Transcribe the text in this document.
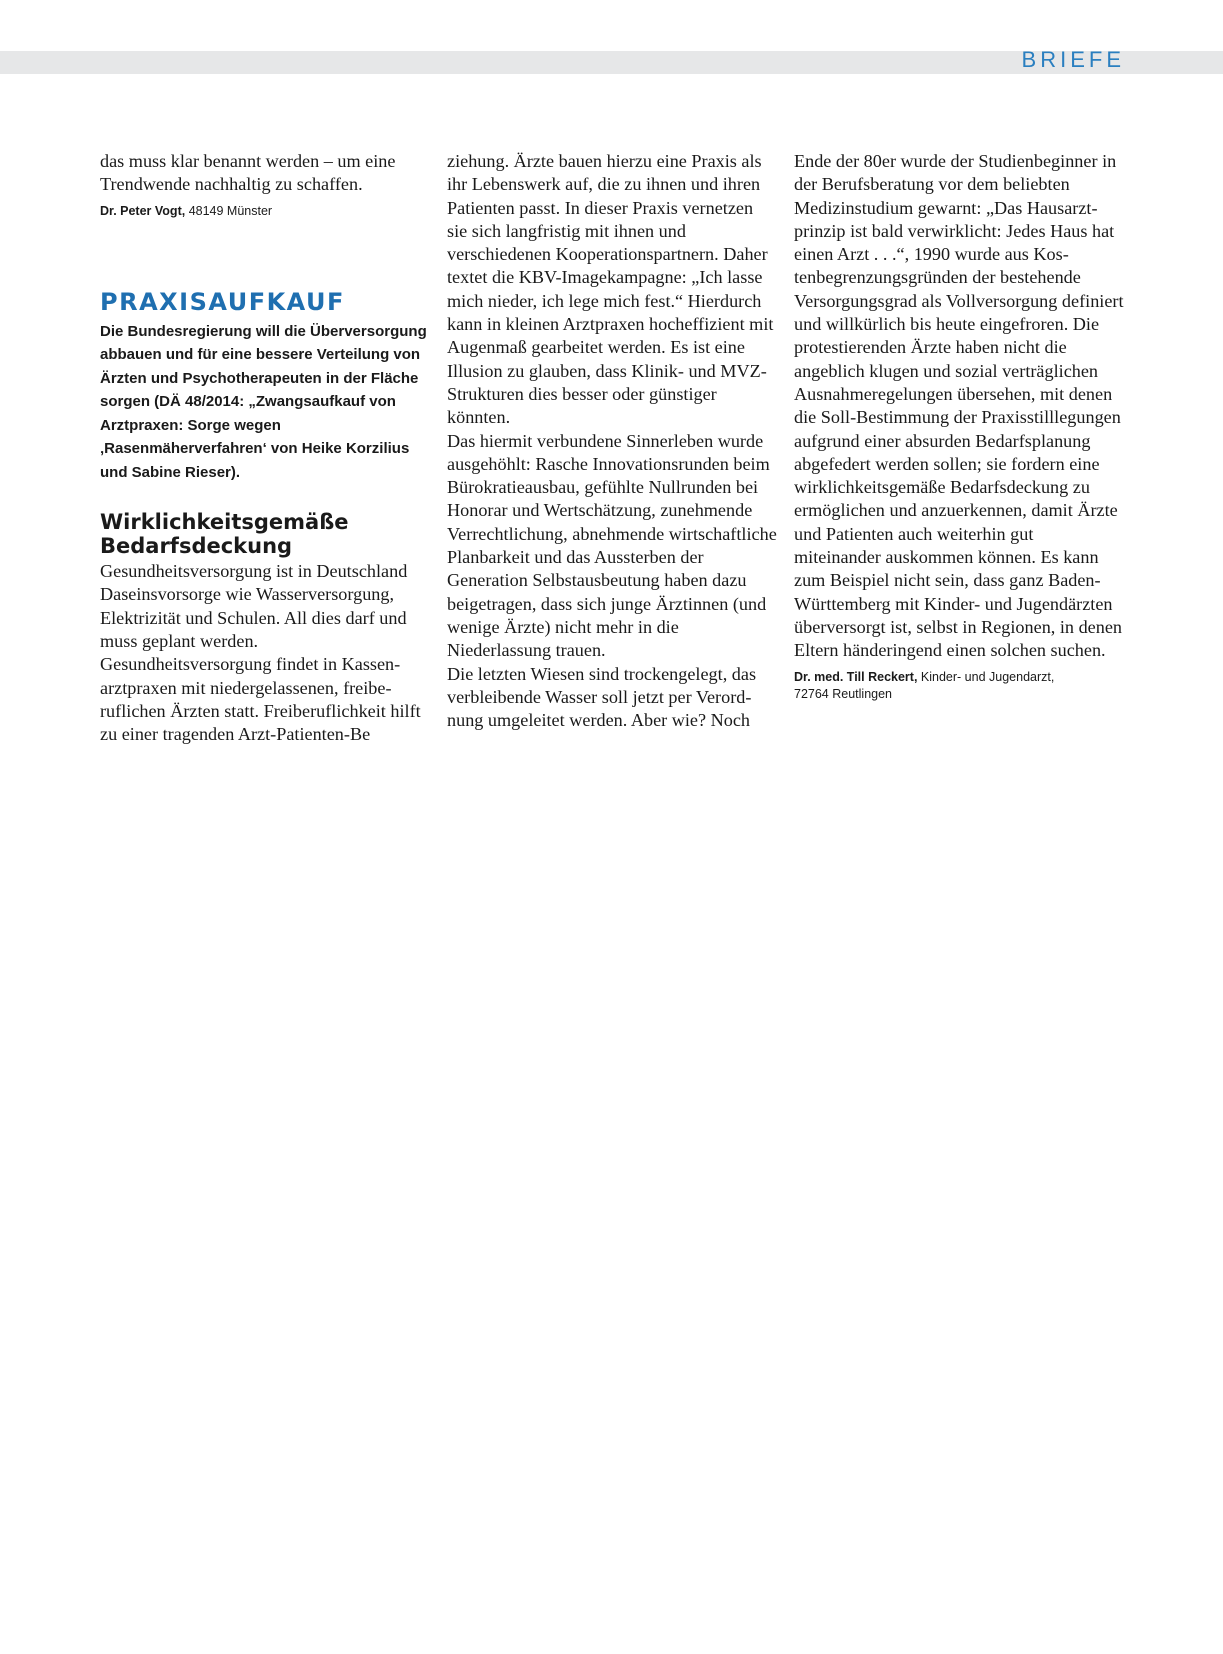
BRIEFE

das muss klar benannt werden – um eine Trendwende nachhaltig zu schaffen.

Dr. Peter Vogt, 48149 Münster

PRAXISAUFKAUF

Die Bundesregierung will die Überversorgung abbauen und für eine bessere Verteilung von Ärzten und Psychotherapeuten in der Fläche sorgen (DÄ 48/2014: „Zwangsaufkauf von Arztpraxen: Sorge wegen ‚Rasenmäherverfahren‘ von Heike Korzilius und Sabine Rieser).

Wirklichkeitsgemäße Bedarfsdeckung

Gesundheitsversorgung ist in Deutschland Daseinsvorsorge wie Wasserversorgung, Elektrizität und Schulen. All dies darf und muss geplant werden.

Gesundheitsversorgung findet in Kassenarztpraxen mit niedergelassenen, freiberuflichen Ärzten statt. Freiberuflichkeit hilft zu einer tragenden Arzt-Patienten-Be

ziehung. Ärzte bauen hierzu eine Praxis als ihr Lebenswerk auf, die zu ihnen und ihren Patienten passt. In dieser Praxis vernetzen sie sich langfristig mit ihnen und verschiedenen Kooperationspartnern. Daher textet die KBV-Imagekampagne: „Ich lasse mich nieder, ich lege mich fest.“ Hierdurch kann in kleinen Arztpraxen hocheffizient mit Augenmaß gearbeitet werden. Es ist eine Illusion zu glauben, dass Klinik- und MVZ-Strukturen dies besser oder günstiger könnten.

Das hiermit verbundene Sinnerleben wurde ausgehöhlt: Rasche Innovationsrunden beim Bürokratieausbau, gefühlte Nullrunden bei Honorar und Wertschätzung, zunehmende Verrechtlichung, abnehmende wirtschaftliche Planbarkeit und das Aussterben der Generation Selbstausbeutung haben dazu beigetragen, dass sich junge Ärztinnen (und wenige Ärzte) nicht mehr in die Niederlassung trauen.

Die letzten Wiesen sind trockengelegt, das verbleibende Wasser soll jetzt per Verordnung umgeleitet werden. Aber wie? Noch

Ende der 80er wurde der Studienbeginner in der Berufsberatung vor dem beliebten Medizinstudium gewarnt: „Das Hausarztprinzip ist bald verwirklicht: Jedes Haus hat einen Arzt . . .“, 1990 wurde aus Kostenbegrenzungsgründen der bestehende Versorgungsgrad als Vollversorgung definiert und willkürlich bis heute eingefroren. Die protestierenden Ärzte haben nicht die angeblich klugen und sozial verträglichen Ausnahmeregelungen übersehen, mit denen die Soll-Bestimmung der Praxisstilllegungen aufgrund einer absurden Bedarfsplanung abgefedert werden sollen; sie fordern eine wirklichkeitsgemäße Bedarfsdeckung zu ermöglichen und anzuerkennen, damit Ärzte und Patienten auch weiterhin gut miteinander auskommen können. Es kann zum Beispiel nicht sein, dass ganz Baden-Württemberg mit Kinder- und Jugendärzten überversorgt ist, selbst in Regionen, in denen Eltern händeringend einen solchen suchen.

Dr. med. Till Reckert, Kinder- und Jugendarzt,
72764 Reutlingen
